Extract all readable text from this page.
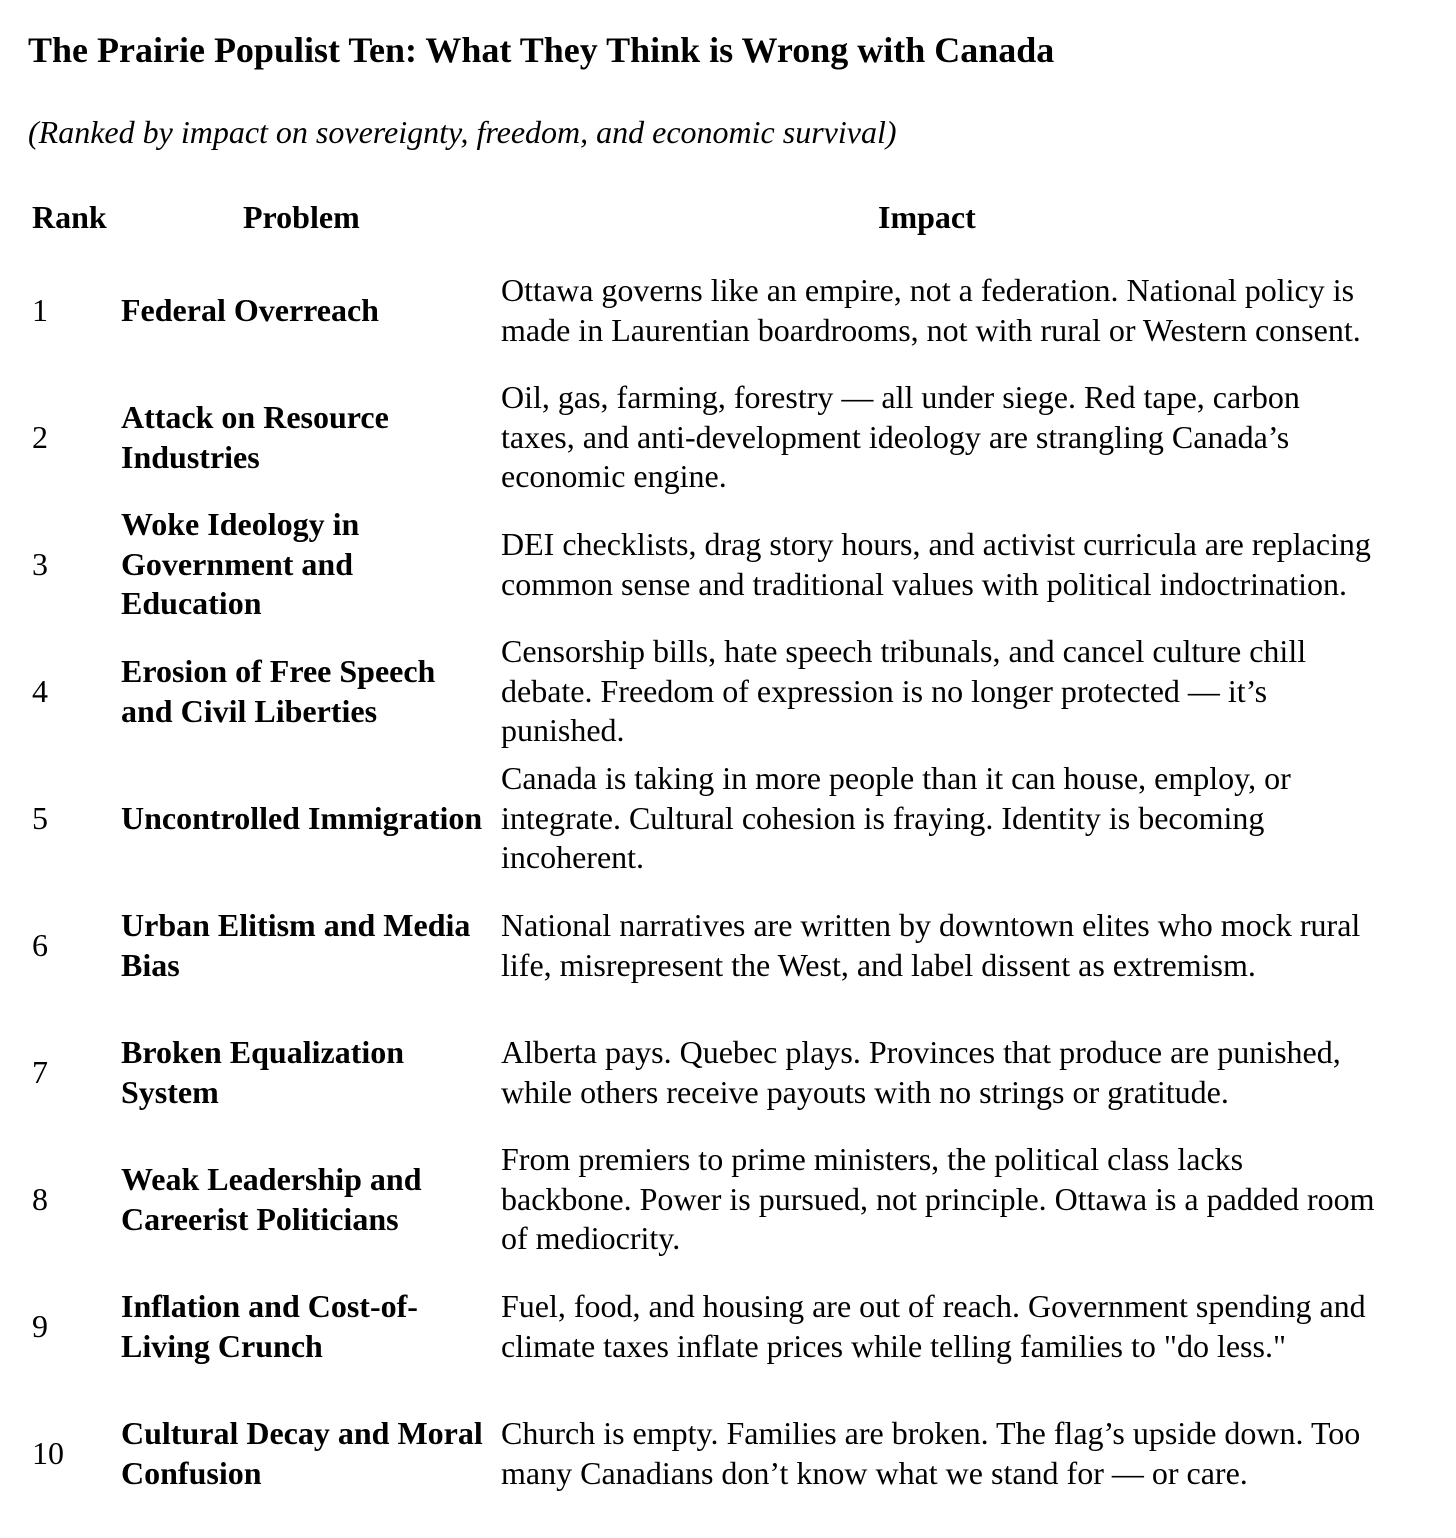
The Prairie Populist Ten: What They Think is Wrong with Canada
(Ranked by impact on sovereignty, freedom, and economic survival)
Rank	Problem	Impact
1 Federal Overreach
Ottawa governs like an empire, not a federation. National policy is made in Laurentian boardrooms, not with rural or Western consent.
2
Attack on Resource Industries
Oil, gas, farming, forestry — all under siege. Red tape, carbon taxes, and anti-development ideology are strangling Canada’s economic engine.
3
Woke Ideology in Government and Education
DEI checklists, drag story hours, and activist curricula are replacing common sense and traditional values with political indoctrination.
4
Erosion of Free Speech and Civil Liberties
Censorship bills, hate speech tribunals, and cancel culture chill debate. Freedom of expression is no longer protected — it’s punished.
5 Uncontrolled Immigration
Canada is taking in more people than it can house, employ, or integrate. Cultural cohesion is fraying. Identity is becoming incoherent.
6
Urban Elitism and Media Bias
National narratives are written by downtown elites who mock rural life, misrepresent the West, and label dissent as extremism.
7
Broken Equalization System
Alberta pays. Quebec plays. Provinces that produce are punished, while others receive payouts with no strings or gratitude.
8
Weak Leadership and Careerist Politicians
From premiers to prime ministers, the political class lacks backbone. Power is pursued, not principle. Ottawa is a padded room of mediocrity.
9
Inflation and Cost-of-Living Crunch
Fuel, food, and housing are out of reach. Government spending and climate taxes inflate prices while telling families to "do less."
10
Cultural Decay and Moral Confusion
Church is empty. Families are broken. The flag’s upside down. Too many Canadians don’t know what we stand for — or care.
